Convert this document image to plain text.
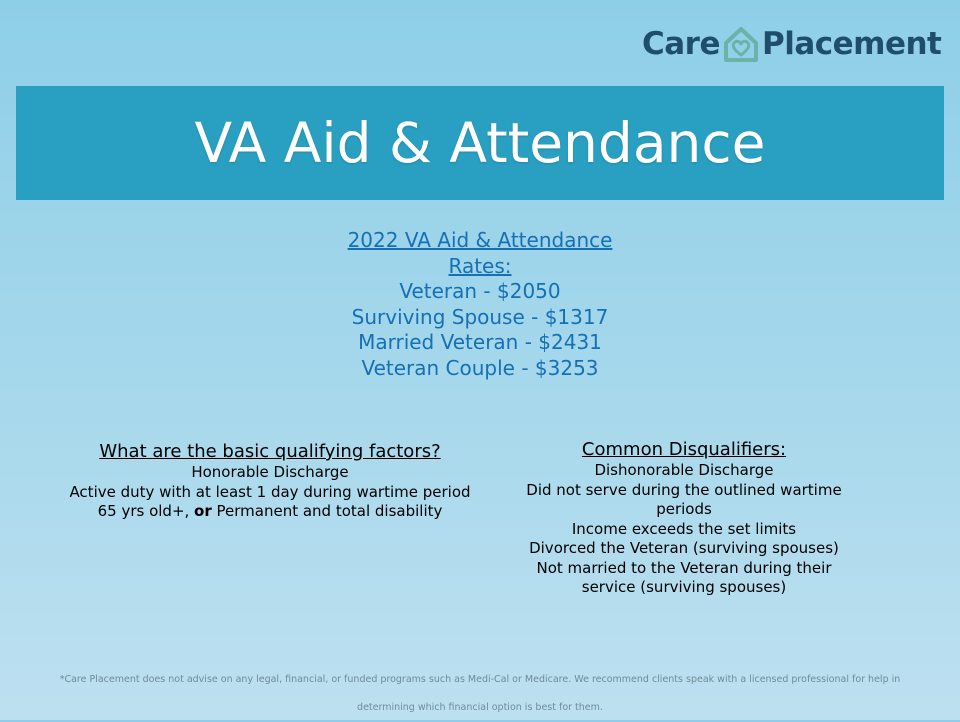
Care Placement
VA Aid & Attendance
2022 VA Aid & Attendance
Rates:
Veteran - $2050
Surviving Spouse - $1317
Married Veteran - $2431
Veteran Couple - $3253
What are the basic qualifying factors?
Honorable Discharge
Active duty with at least 1 day during wartime period
65 yrs old+, or Permanent and total disability
Common Disqualifiers:
Dishonorable Discharge
Did not serve during the outlined wartime periods
Income exceeds the set limits
Divorced the Veteran (surviving spouses)
Not married to the Veteran during their service (surviving spouses)
*Care Placement does not advise on any legal, financial, or funded programs such as Medi-Cal or Medicare. We recommend clients speak with a licensed professional for help in
determining which financial option is best for them.
